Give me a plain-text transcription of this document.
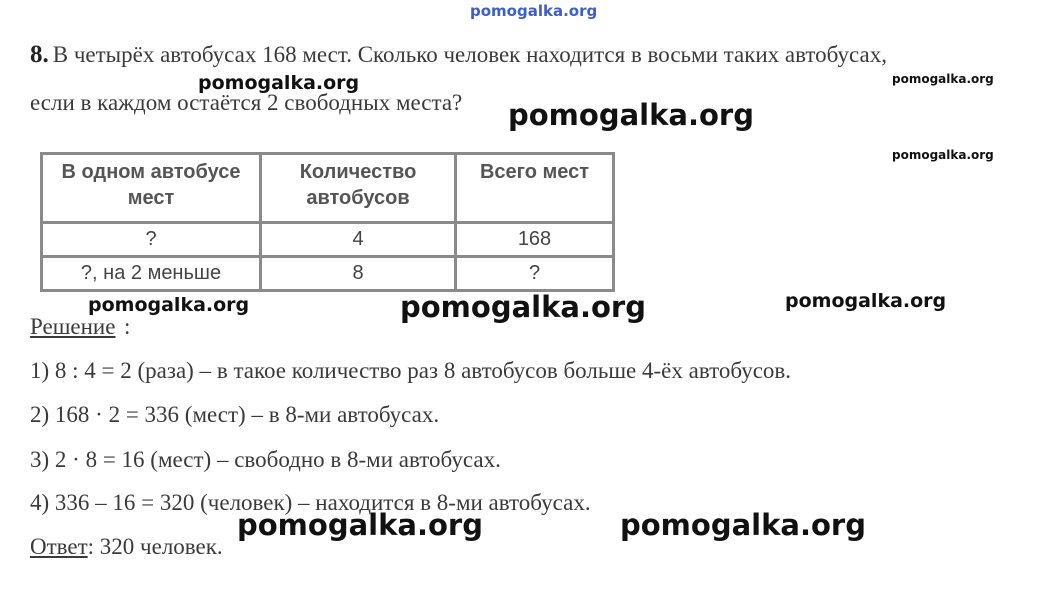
pomogalka.org
8. В четырёх автобусах 168 мест. Сколько человек находится в восьми таких автобусах,
если в каждом остаётся 2 свободных места?
В одном автобусе мест	Количество автобусов	Всего мест
?	4	168
?, на 2 меньше	8	?
Решение :
1) 8 : 4 = 2 (раза) – в такое количество раз 8 автобусов больше 4-ёх автобусов.
2) 168 · 2 = 336 (мест) – в 8-ми автобусах.
3) 2 · 8 = 16 (мест) – свободно в 8-ми автобусах.
4) 336 – 16 = 320 (человек) – находится в 8-ми автобусах.
Ответ: 320 человек.
pomogalka.org	pomogalka.org
pomogalka.org
pomogalka.org
pomogalka.org	pomogalka.org	pomogalka.org
pomogalka.org	pomogalka.org
